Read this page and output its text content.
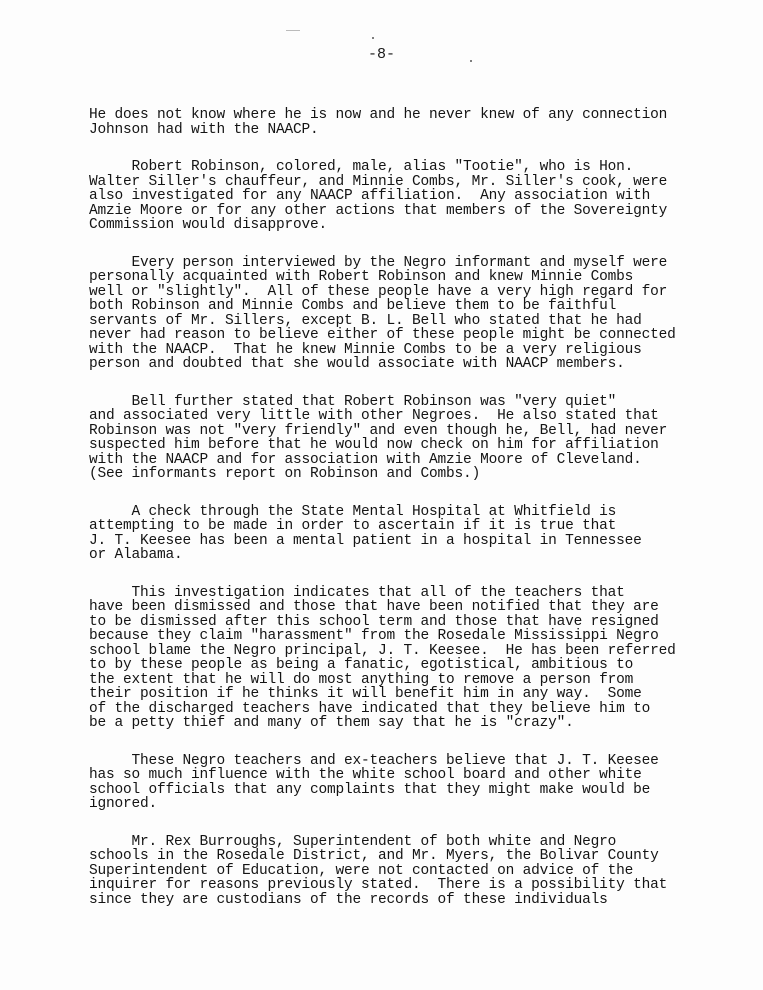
-8-
He does not know where he is now and he never knew of any connection
Johnson had with the NAACP.
Robert Robinson, colored, male, alias "Tootie", who is Hon.
Walter Siller's chauffeur, and Minnie Combs, Mr. Siller's cook, were
also investigated for any NAACP affiliation.  Any association with
Amzie Moore or for any other actions that members of the Sovereignty
Commission would disapprove.
Every person interviewed by the Negro informant and myself were
personally acquainted with Robert Robinson and knew Minnie Combs
well or "slightly".  All of these people have a very high regard for
both Robinson and Minnie Combs and believe them to be faithful
servants of Mr. Sillers, except B. L. Bell who stated that he had
never had reason to believe either of these people might be connected
with the NAACP.  That he knew Minnie Combs to be a very religious
person and doubted that she would associate with NAACP members.
Bell further stated that Robert Robinson was "very quiet"
and associated very little with other Negroes.  He also stated that
Robinson was not "very friendly" and even though he, Bell, had never
suspected him before that he would now check on him for affiliation
with the NAACP and for association with Amzie Moore of Cleveland.
(See informants report on Robinson and Combs.)
A check through the State Mental Hospital at Whitfield is
attempting to be made in order to ascertain if it is true that
J. T. Keesee has been a mental patient in a hospital in Tennessee
or Alabama.
This investigation indicates that all of the teachers that
have been dismissed and those that have been notified that they are
to be dismissed after this school term and those that have resigned
because they claim "harassment" from the Rosedale Mississippi Negro
school blame the Negro principal, J. T. Keesee.  He has been referred
to by these people as being a fanatic, egotistical, ambitious to
the extent that he will do most anything to remove a person from
their position if he thinks it will benefit him in any way.  Some
of the discharged teachers have indicated that they believe him to
be a petty thief and many of them say that he is "crazy".
These Negro teachers and ex-teachers believe that J. T. Keesee
has so much influence with the white school board and other white
school officials that any complaints that they might make would be
ignored.
Mr. Rex Burroughs, Superintendent of both white and Negro
schools in the Rosedale District, and Mr. Myers, the Bolivar County
Superintendent of Education, were not contacted on advice of the
inquirer for reasons previously stated.  There is a possibility that
since they are custodians of the records of these individuals
